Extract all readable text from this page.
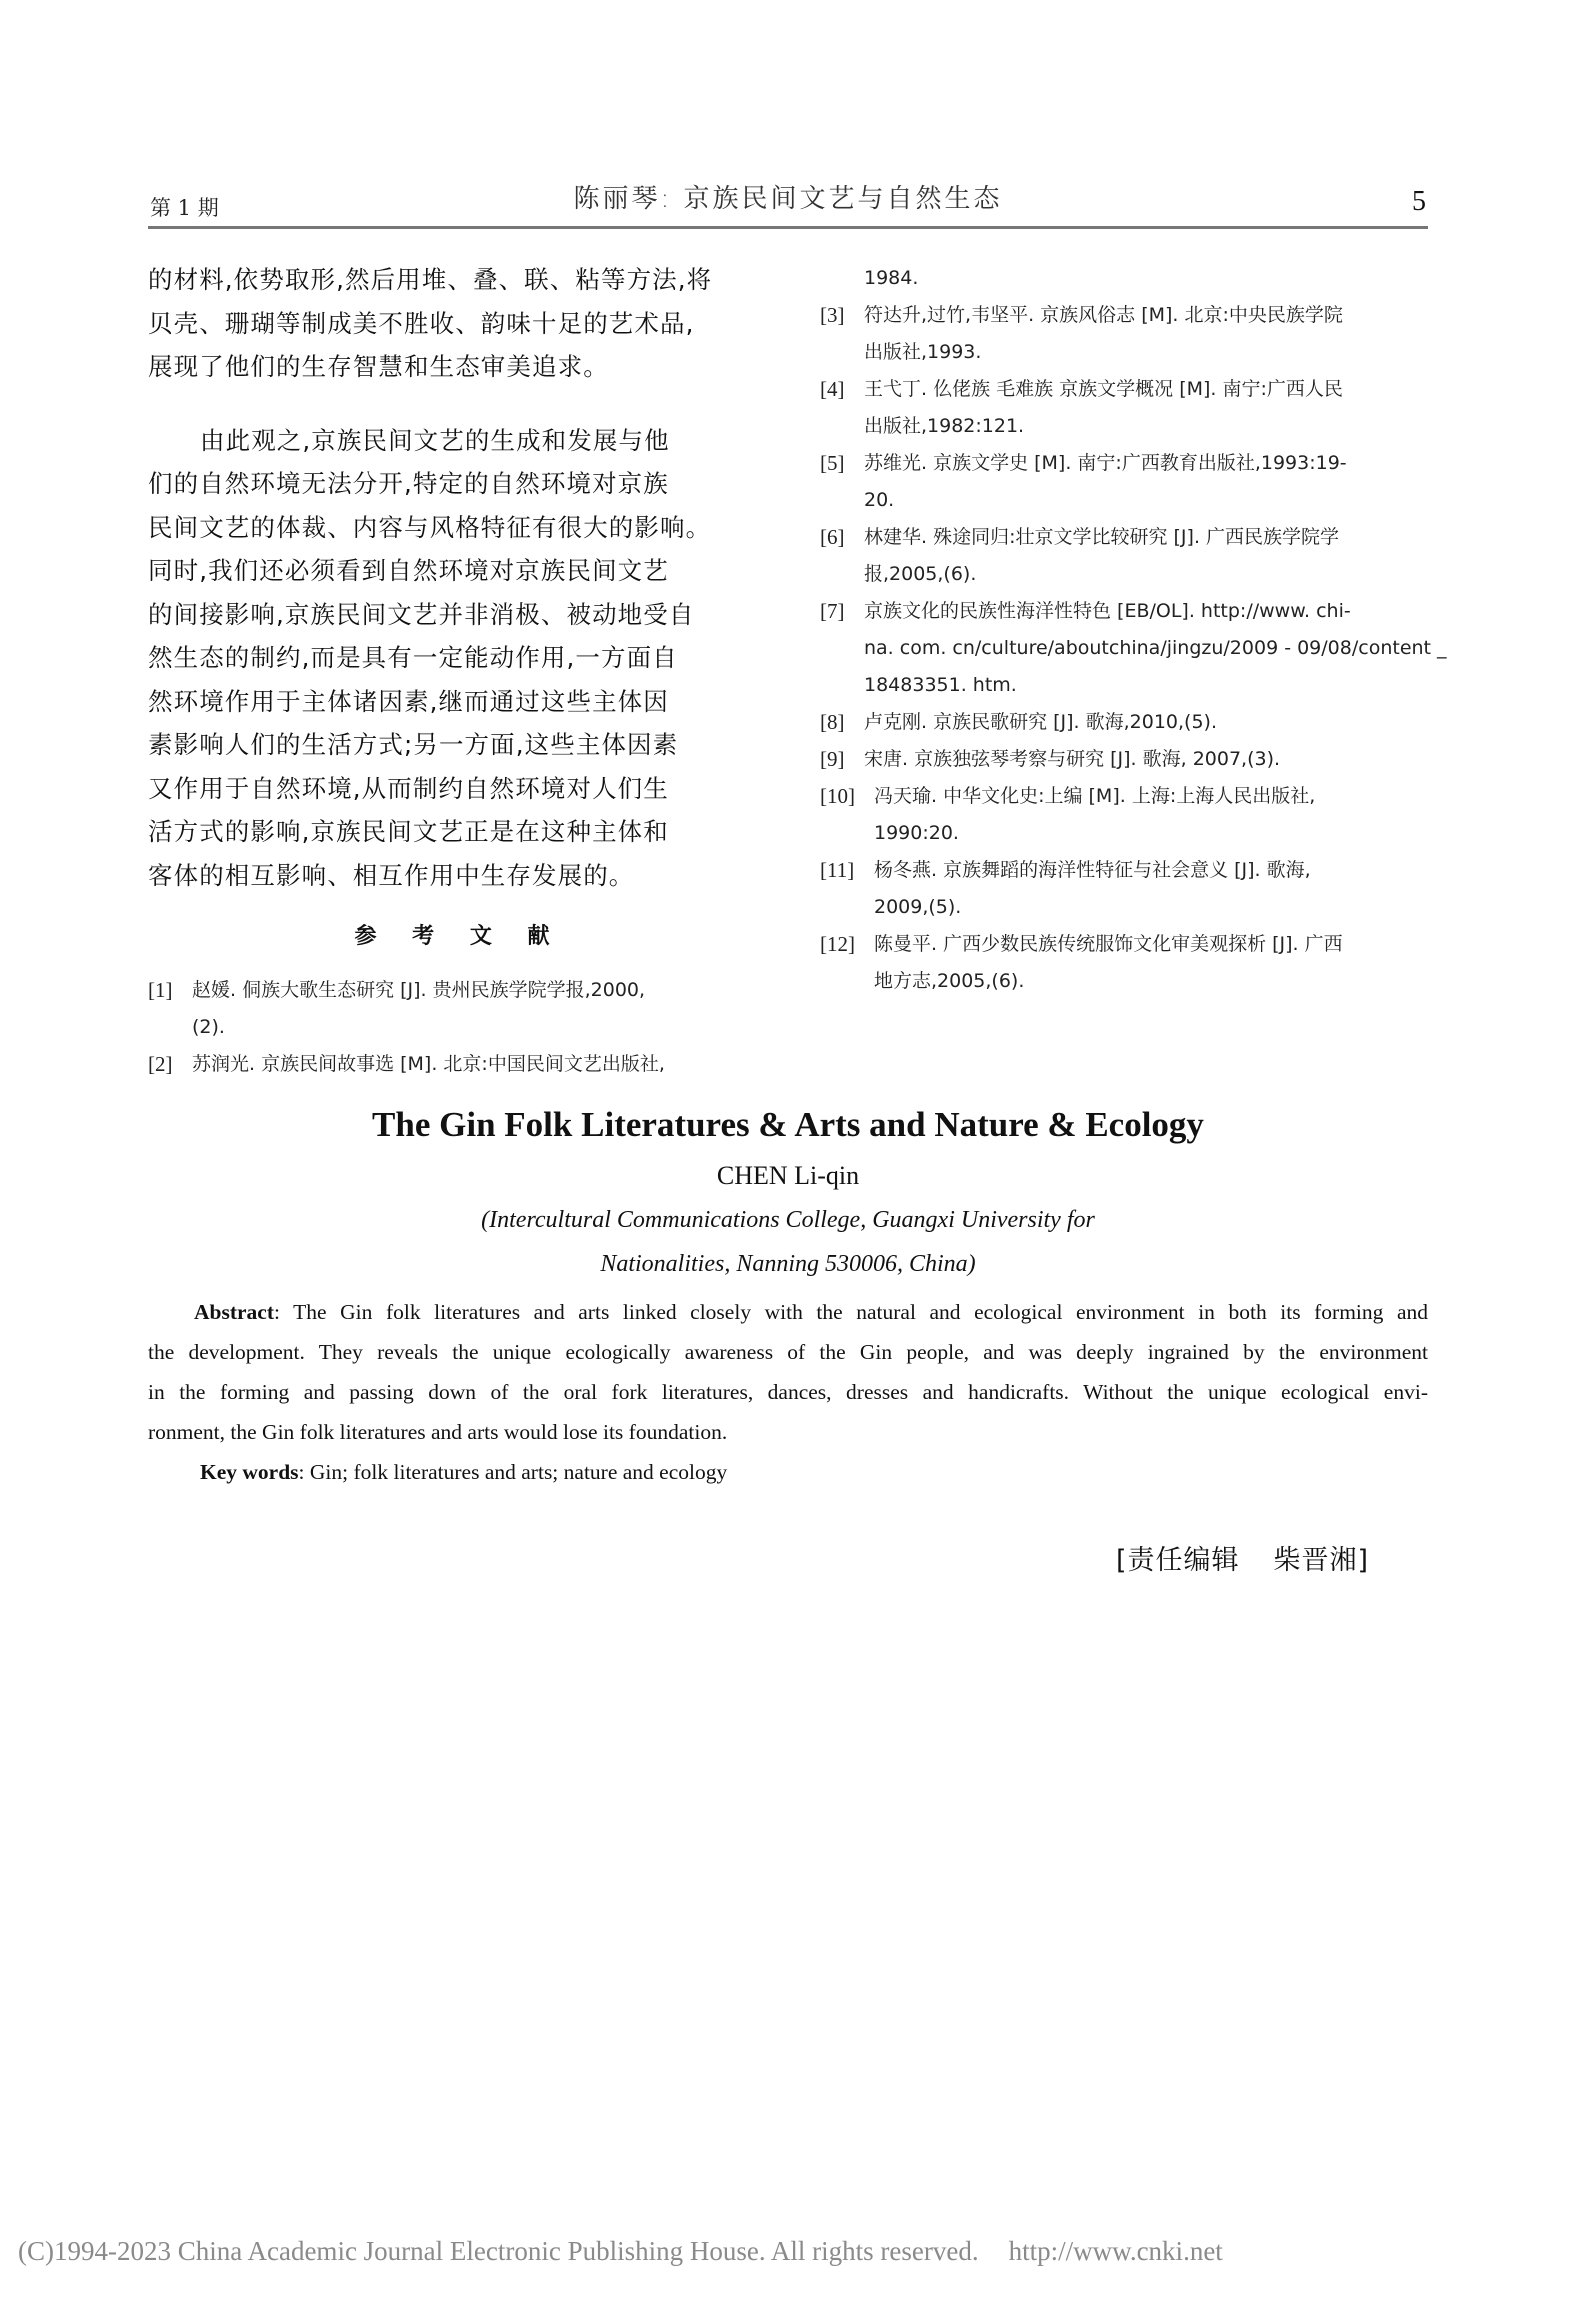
第 1 期	陈丽琴: 京族民间文艺与自然生态	5

的材料,依势取形,然后用堆、叠、联、粘等方法,将
贝壳、珊瑚等制成美不胜收、韵味十足的艺术品,
展现了他们的生存智慧和生态审美追求。

由此观之,京族民间文艺的生成和发展与他
们的自然环境无法分开,特定的自然环境对京族
民间文艺的体裁、内容与风格特征有很大的影响。
同时,我们还必须看到自然环境对京族民间文艺
的间接影响,京族民间文艺并非消极、被动地受自
然生态的制约,而是具有一定能动作用,一方面自
然环境作用于主体诸因素,继而通过这些主体因
素影响人们的生活方式;另一方面,这些主体因素
又作用于自然环境,从而制约自然环境对人们生
活方式的影响,京族民间文艺正是在这种主体和
客体的相互影响、相互作用中生存发展的。

参 考 文 献
[1] 赵媛. 侗族大歌生态研究 [J]. 贵州民族学院学报,2000,
(2).
[2] 苏润光. 京族民间故事选 [M]. 北京:中国民间文艺出版社,
1984.
[3] 符达升,过竹,韦坚平. 京族风俗志 [M]. 北京:中央民族学院
出版社,1993.
[4] 王弋丁. 仫佬族 毛难族 京族文学概况 [M]. 南宁:广西人民
出版社,1982:121.
[5] 苏维光. 京族文学史 [M]. 南宁:广西教育出版社,1993:19-
20.
[6] 林建华. 殊途同归:壮京文学比较研究 [J]. 广西民族学院学
报,2005,(6).
[7] 京族文化的民族性海洋性特色 [EB/OL]. http://www. chi-
na. com. cn/culture/aboutchina/jingzu/2009 - 09/08/content _
18483351. htm.
[8] 卢克刚. 京族民歌研究 [J]. 歌海,2010,(5).
[9] 宋唐. 京族独弦琴考察与研究 [J]. 歌海, 2007,(3).
[10] 冯天瑜. 中华文化史:上编 [M]. 上海:上海人民出版社,
1990:20.
[11] 杨冬燕. 京族舞蹈的海洋性特征与社会意义 [J]. 歌海,
2009,(5).
[12] 陈曼平. 广西少数民族传统服饰文化审美观探析 [J]. 广西
地方志,2005,(6).
The Gin Folk Literatures & Arts and Nature & Ecology
CHEN Li-qin
(Intercultural Communications College, Guangxi University for
Nationalities, Nanning 530006, China)
Abstract: The Gin folk literatures and arts linked closely with the natural and ecological environment in both its forming and
the development. They reveals the unique ecologically awareness of the Gin people, and was deeply ingrained by the environment
in the forming and passing down of the oral fork literatures, dances, dresses and handicrafts. Without the unique ecological envi-
ronment, the Gin folk literatures and arts would lose its foundation.
Key words: Gin; folk literatures and arts; nature and ecology
[责任编辑 柴晋湘]
(C)1994-2023 China Academic Journal Electronic Publishing House. All rights reserved. http://www.cnki.net
